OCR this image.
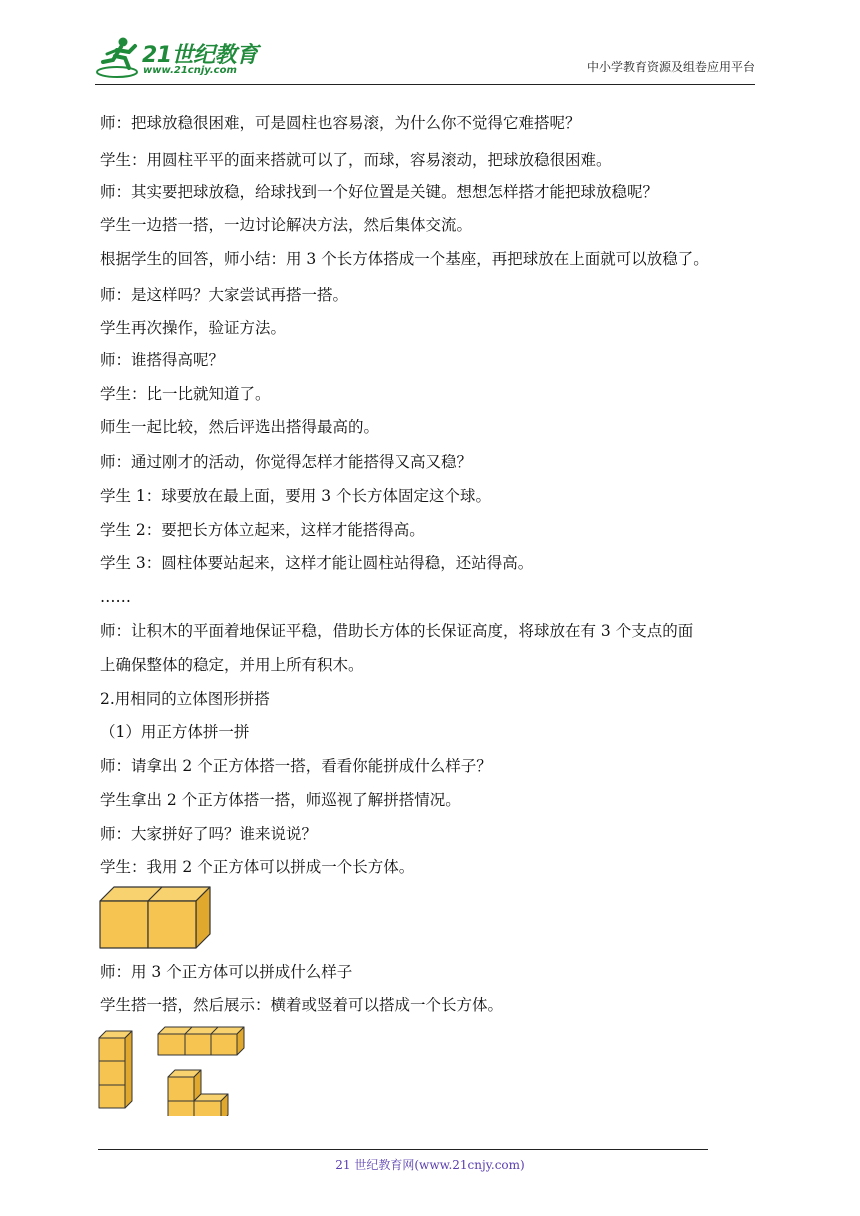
21世纪教育
www.21cnjy.com	中小学教育资源及组卷应用平台
师：把球放稳很困难，可是圆柱也容易滚，为什么你不觉得它难搭呢？
学生：用圆柱平平的面来搭就可以了，而球，容易滚动，把球放稳很困难。
师：其实要把球放稳，给球找到一个好位置是关键。想想怎样搭才能把球放稳呢？
学生一边搭一搭，一边讨论解决方法，然后集体交流。
根据学生的回答，师小结：用 3 个长方体搭成一个基座，再把球放在上面就可以放稳了。
师：是这样吗？大家尝试再搭一搭。
学生再次操作，验证方法。
师：谁搭得高呢？
学生：比一比就知道了。
师生一起比较，然后评选出搭得最高的。
师：通过刚才的活动，你觉得怎样才能搭得又高又稳？
学生 1：球要放在最上面，要用 3 个长方体固定这个球。
学生 2：要把长方体立起来，这样才能搭得高。
学生 3：圆柱体要站起来，这样才能让圆柱站得稳，还站得高。
……
师：让积木的平面着地保证平稳，借助长方体的长保证高度，将球放在有 3 个支点的面
上确保整体的稳定，并用上所有积木。
2.用相同的立体图形拼搭
（1）用正方体拼一拼
师：请拿出 2 个正方体搭一搭，看看你能拼成什么样子？
学生拿出 2 个正方体搭一搭，师巡视了解拼搭情况。
师：大家拼好了吗？谁来说说？
学生：我用 2 个正方体可以拼成一个长方体。
师：用 3 个正方体可以拼成什么样子
学生搭一搭，然后展示：横着或竖着可以搭成一个长方体。
21 世纪教育网(www.21cnjy.com)
